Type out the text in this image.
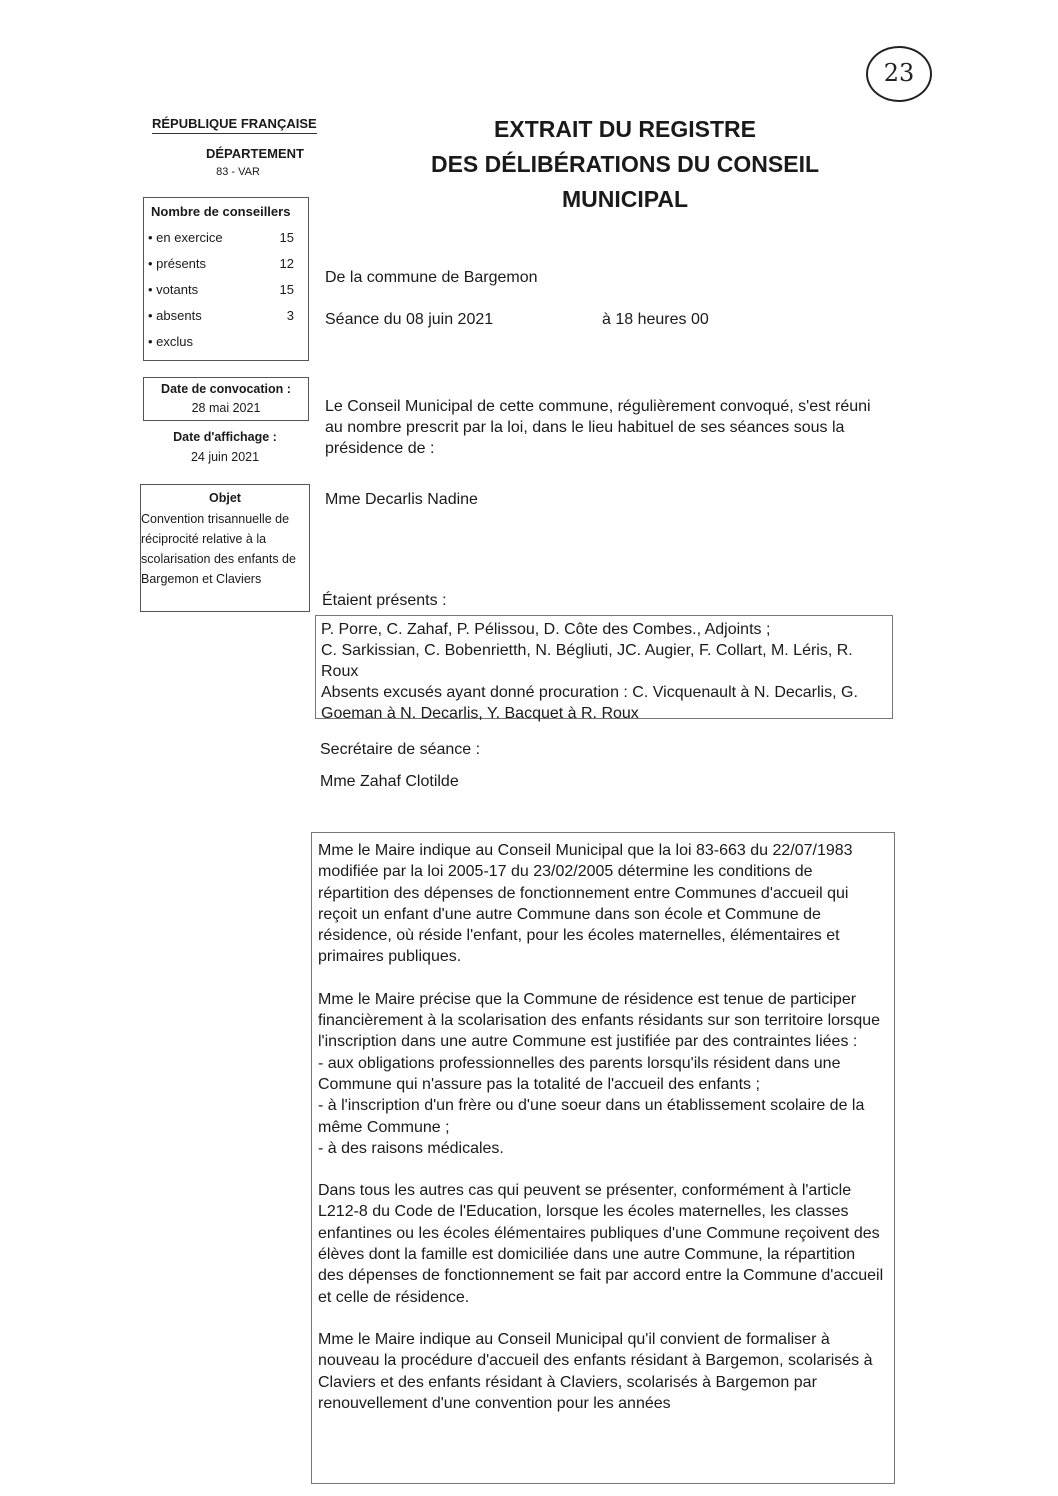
23
RÉPUBLIQUE FRANÇAISE
DÉPARTEMENT
83 - VAR
EXTRAIT DU REGISTRE
DES DÉLIBÉRATIONS DU CONSEIL
MUNICIPAL
Nombre de conseillers
• en exercice	15
• présents	12
• votants	15
• absents	3
• exclus
Date de convocation :
28 mai 2021
Date d'affichage :
24 juin 2021
Objet
Convention trisannuelle de réciprocité relative à la scolarisation des enfants de Bargemon et Claviers
De la commune de Bargemon
Séance du 08 juin 2021	à 18 heures 00
Le Conseil Municipal de cette commune, régulièrement convoqué, s'est réuni au nombre prescrit par la loi, dans le lieu habituel de ses séances sous la présidence de :
Mme Decarlis Nadine
Étaient présents :
P. Porre, C. Zahaf, P. Pélissou, D. Côte des Combes., Adjoints ;
C. Sarkissian, C. Bobenrietth, N. Bégliuti, JC. Augier, F. Collart, M. Léris, R. Roux
Absents excusés ayant donné procuration : C. Vicquenault à N. Decarlis, G. Goeman à N. Decarlis, Y. Bacquet à R. Roux
Secrétaire de séance :
Mme Zahaf Clotilde

Mme le Maire indique au Conseil Municipal que la loi 83-663 du 22/07/1983 modifiée par la loi 2005-17 du 23/02/2005 détermine les conditions de répartition des dépenses de fonctionnement entre Communes d'accueil qui reçoit un enfant d'une autre Commune dans son école et Commune de résidence, où réside l'enfant, pour les écoles maternelles, élémentaires et primaires publiques.

Mme le Maire précise que la Commune de résidence est tenue de participer financièrement à la scolarisation des enfants résidants sur son territoire lorsque l'inscription dans une autre Commune est justifiée par des contraintes liées :
- aux obligations professionnelles des parents lorsqu'ils résident dans une Commune qui n'assure pas la totalité de l'accueil des enfants ;
- à l'inscription d'un frère ou d'une soeur dans un établissement scolaire de la même Commune ;
- à des raisons médicales.

Dans tous les autres cas qui peuvent se présenter, conformément à l'article L212-8 du Code de l'Education, lorsque les écoles maternelles, les classes enfantines ou les écoles élémentaires publiques d'une Commune reçoivent des élèves dont la famille est domiciliée dans une autre Commune, la répartition des dépenses de fonctionnement se fait par accord entre la Commune d'accueil et celle de résidence.

Mme le Maire indique au Conseil Municipal qu'il convient de formaliser à nouveau la procédure d'accueil des enfants résidant à Bargemon, scolarisés à Claviers et des enfants résidant à Claviers, scolarisés à Bargemon par renouvellement d'une convention pour les années
